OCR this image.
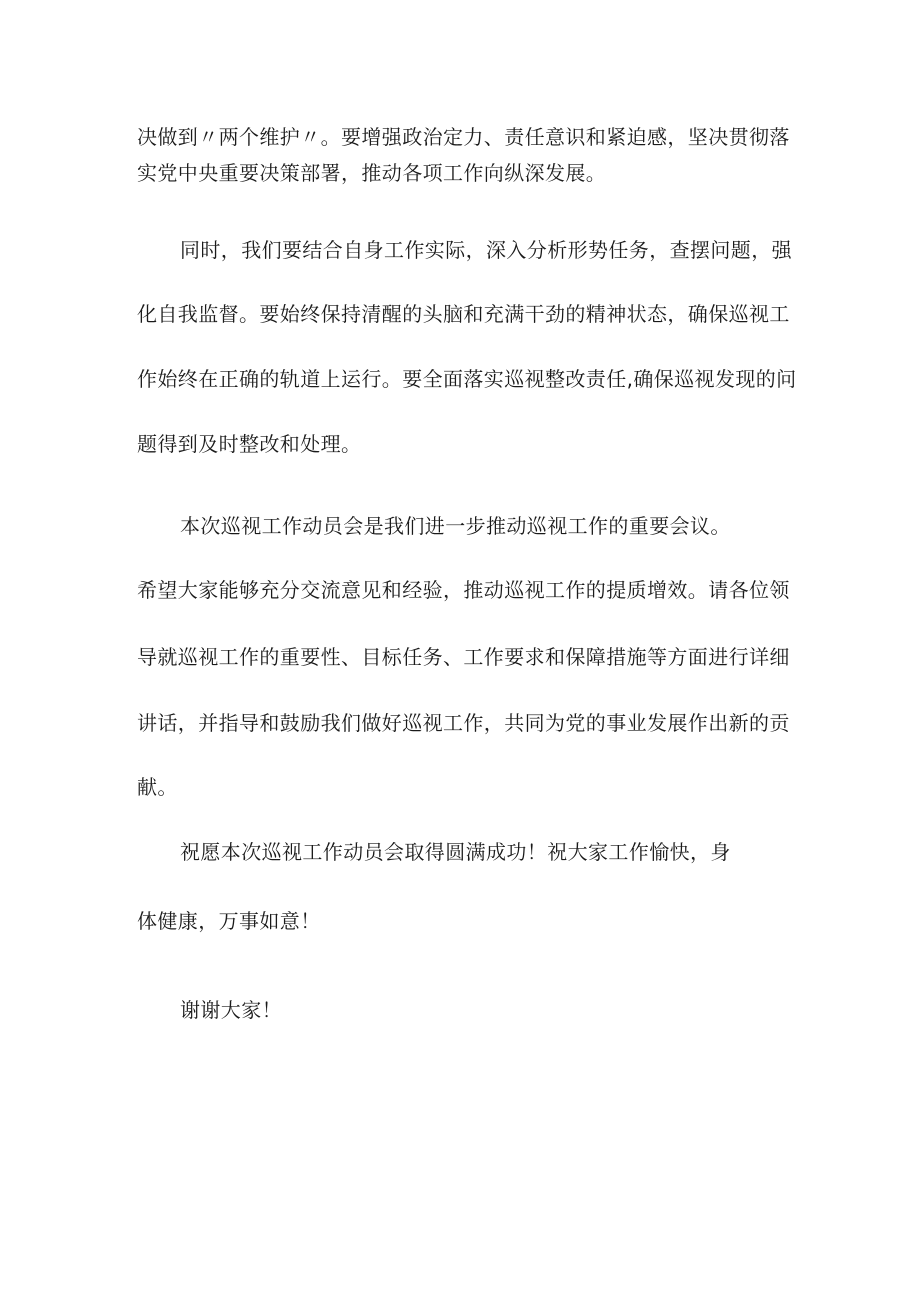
决做到〃两个维护〃。要增强政治定力、责任意识和紧迫感，坚决贯彻落
实党中央重要决策部署，推动各项工作向纵深发展。
同时，我们要结合自身工作实际，深入分析形势任务，查摆问题，强
化自我监督。要始终保持清醒的头脑和充满干劲的精神状态，确保巡视工
作始终在正确的轨道上运行。要全面落实巡视整改责任,确保巡视发现的问
题得到及时整改和处理。
本次巡视工作动员会是我们进一步推动巡视工作的重要会议。
希望大家能够充分交流意见和经验，推动巡视工作的提质增效。请各位领
导就巡视工作的重要性、目标任务、工作要求和保障措施等方面进行详细
讲话，并指导和鼓励我们做好巡视工作，共同为党的事业发展作出新的贡
献。
祝愿本次巡视工作动员会取得圆满成功！祝大家工作愉快，身
体健康，万事如意！
谢谢大家！
